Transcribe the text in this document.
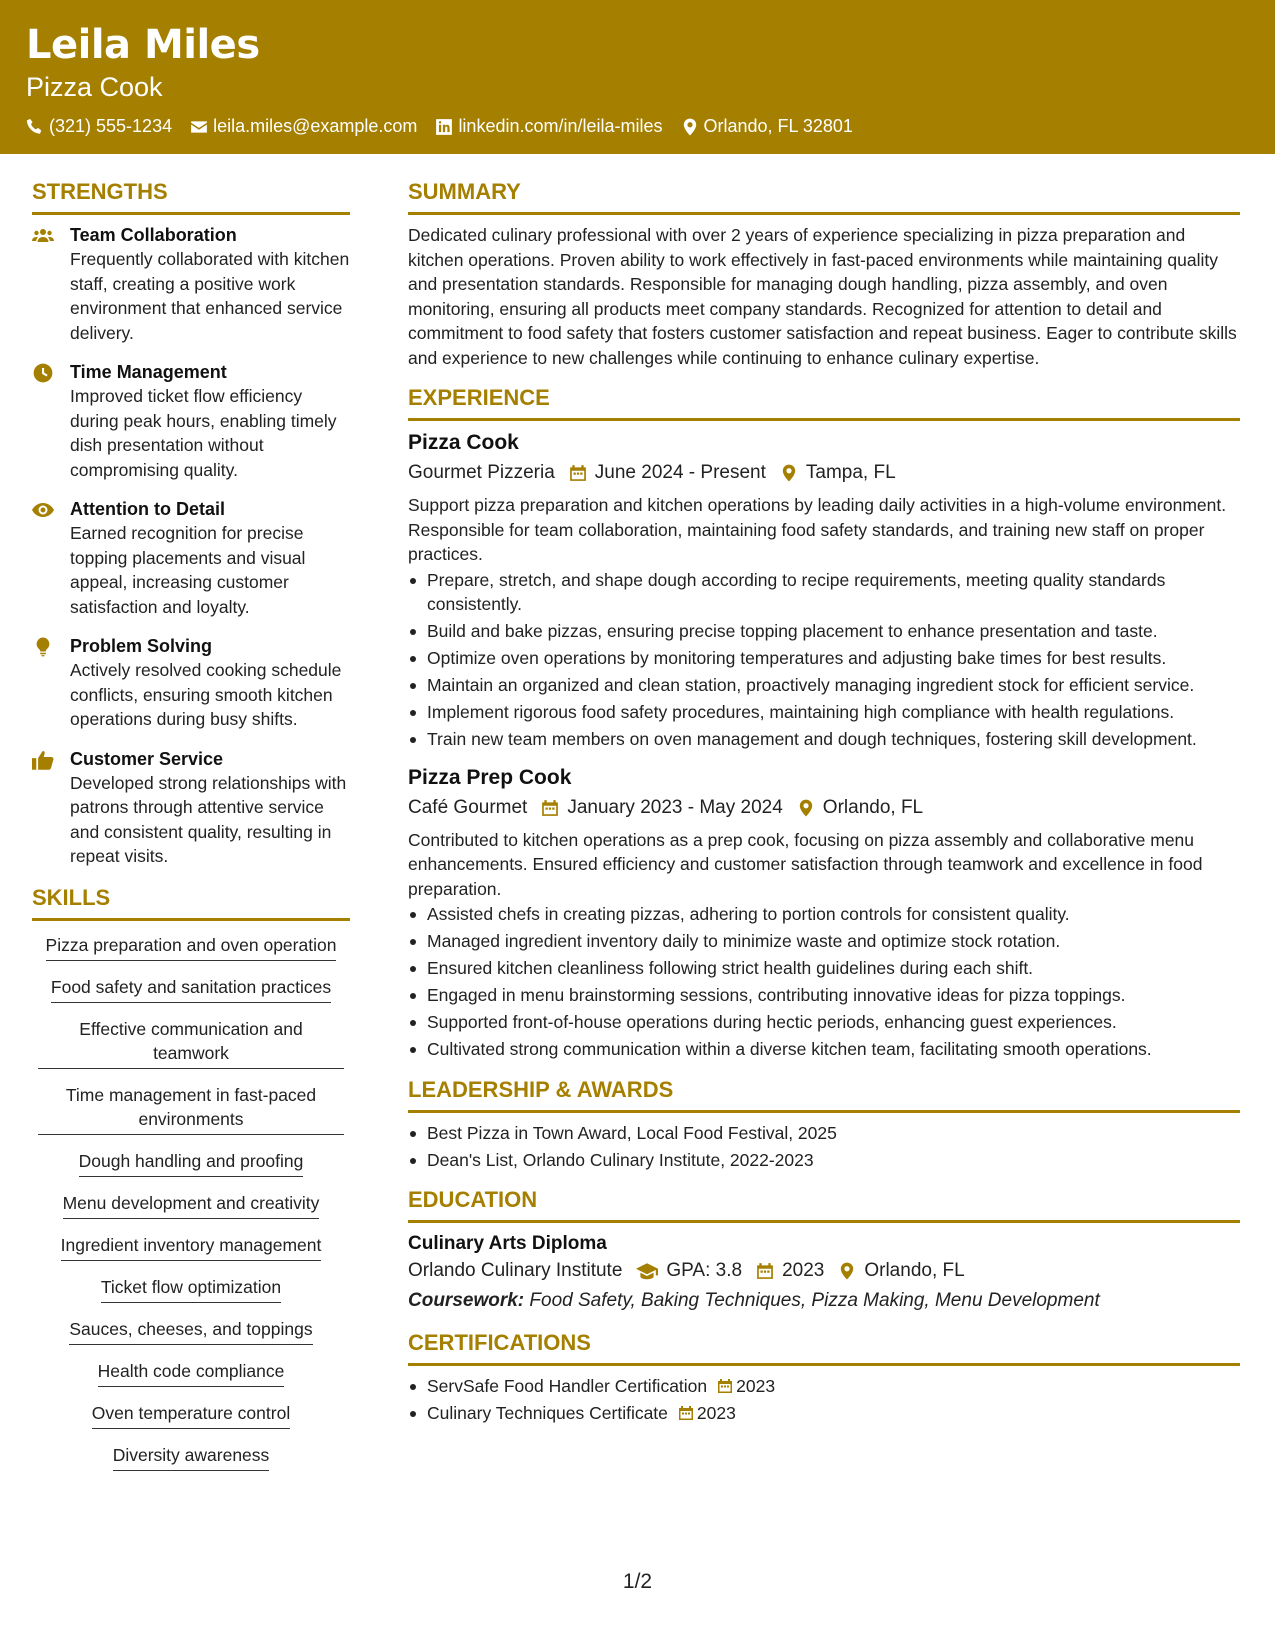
Leila Miles
Pizza Cook
(321) 555-1234 leila.miles@example.com linkedin.com/in/leila-miles Orlando, FL 32801
STRENGTHS
Team Collaboration
Frequently collaborated with kitchen staff, creating a positive work environment that enhanced service delivery.
Time Management
Improved ticket flow efficiency during peak hours, enabling timely dish presentation without compromising quality.
Attention to Detail
Earned recognition for precise topping placements and visual appeal, increasing customer satisfaction and loyalty.
Problem Solving
Actively resolved cooking schedule conflicts, ensuring smooth kitchen operations during busy shifts.
Customer Service
Developed strong relationships with patrons through attentive service and consistent quality, resulting in repeat visits.
SKILLS
Pizza preparation and oven operation
Food safety and sanitation practices
Effective communication and teamwork
Time management in fast-paced environments
Dough handling and proofing
Menu development and creativity
Ingredient inventory management
Ticket flow optimization
Sauces, cheeses, and toppings
Health code compliance
Oven temperature control
Diversity awareness
SUMMARY
Dedicated culinary professional with over 2 years of experience specializing in pizza preparation and kitchen operations. Proven ability to work effectively in fast-paced environments while maintaining quality and presentation standards. Responsible for managing dough handling, pizza assembly, and oven monitoring, ensuring all products meet company standards. Recognized for attention to detail and commitment to food safety that fosters customer satisfaction and repeat business. Eager to contribute skills and experience to new challenges while continuing to enhance culinary expertise.
EXPERIENCE
Pizza Cook
Gourmet Pizzeria June 2024 - Present Tampa, FL
Support pizza preparation and kitchen operations by leading daily activities in a high-volume environment. Responsible for team collaboration, maintaining food safety standards, and training new staff on proper practices.
Prepare, stretch, and shape dough according to recipe requirements, meeting quality standards consistently.
Build and bake pizzas, ensuring precise topping placement to enhance presentation and taste.
Optimize oven operations by monitoring temperatures and adjusting bake times for best results.
Maintain an organized and clean station, proactively managing ingredient stock for efficient service.
Implement rigorous food safety procedures, maintaining high compliance with health regulations.
Train new team members on oven management and dough techniques, fostering skill development.
Pizza Prep Cook
Café Gourmet January 2023 - May 2024 Orlando, FL
Contributed to kitchen operations as a prep cook, focusing on pizza assembly and collaborative menu enhancements. Ensured efficiency and customer satisfaction through teamwork and excellence in food preparation.
Assisted chefs in creating pizzas, adhering to portion controls for consistent quality.
Managed ingredient inventory daily to minimize waste and optimize stock rotation.
Ensured kitchen cleanliness following strict health guidelines during each shift.
Engaged in menu brainstorming sessions, contributing innovative ideas for pizza toppings.
Supported front-of-house operations during hectic periods, enhancing guest experiences.
Cultivated strong communication within a diverse kitchen team, facilitating smooth operations.
LEADERSHIP & AWARDS
Best Pizza in Town Award, Local Food Festival, 2025
Dean's List, Orlando Culinary Institute, 2022-2023
EDUCATION
Culinary Arts Diploma
Orlando Culinary Institute GPA: 3.8 2023 Orlando, FL
Coursework: Food Safety, Baking Techniques, Pizza Making, Menu Development
CERTIFICATIONS
ServSafe Food Handler Certification 2023
Culinary Techniques Certificate 2023
1/2
